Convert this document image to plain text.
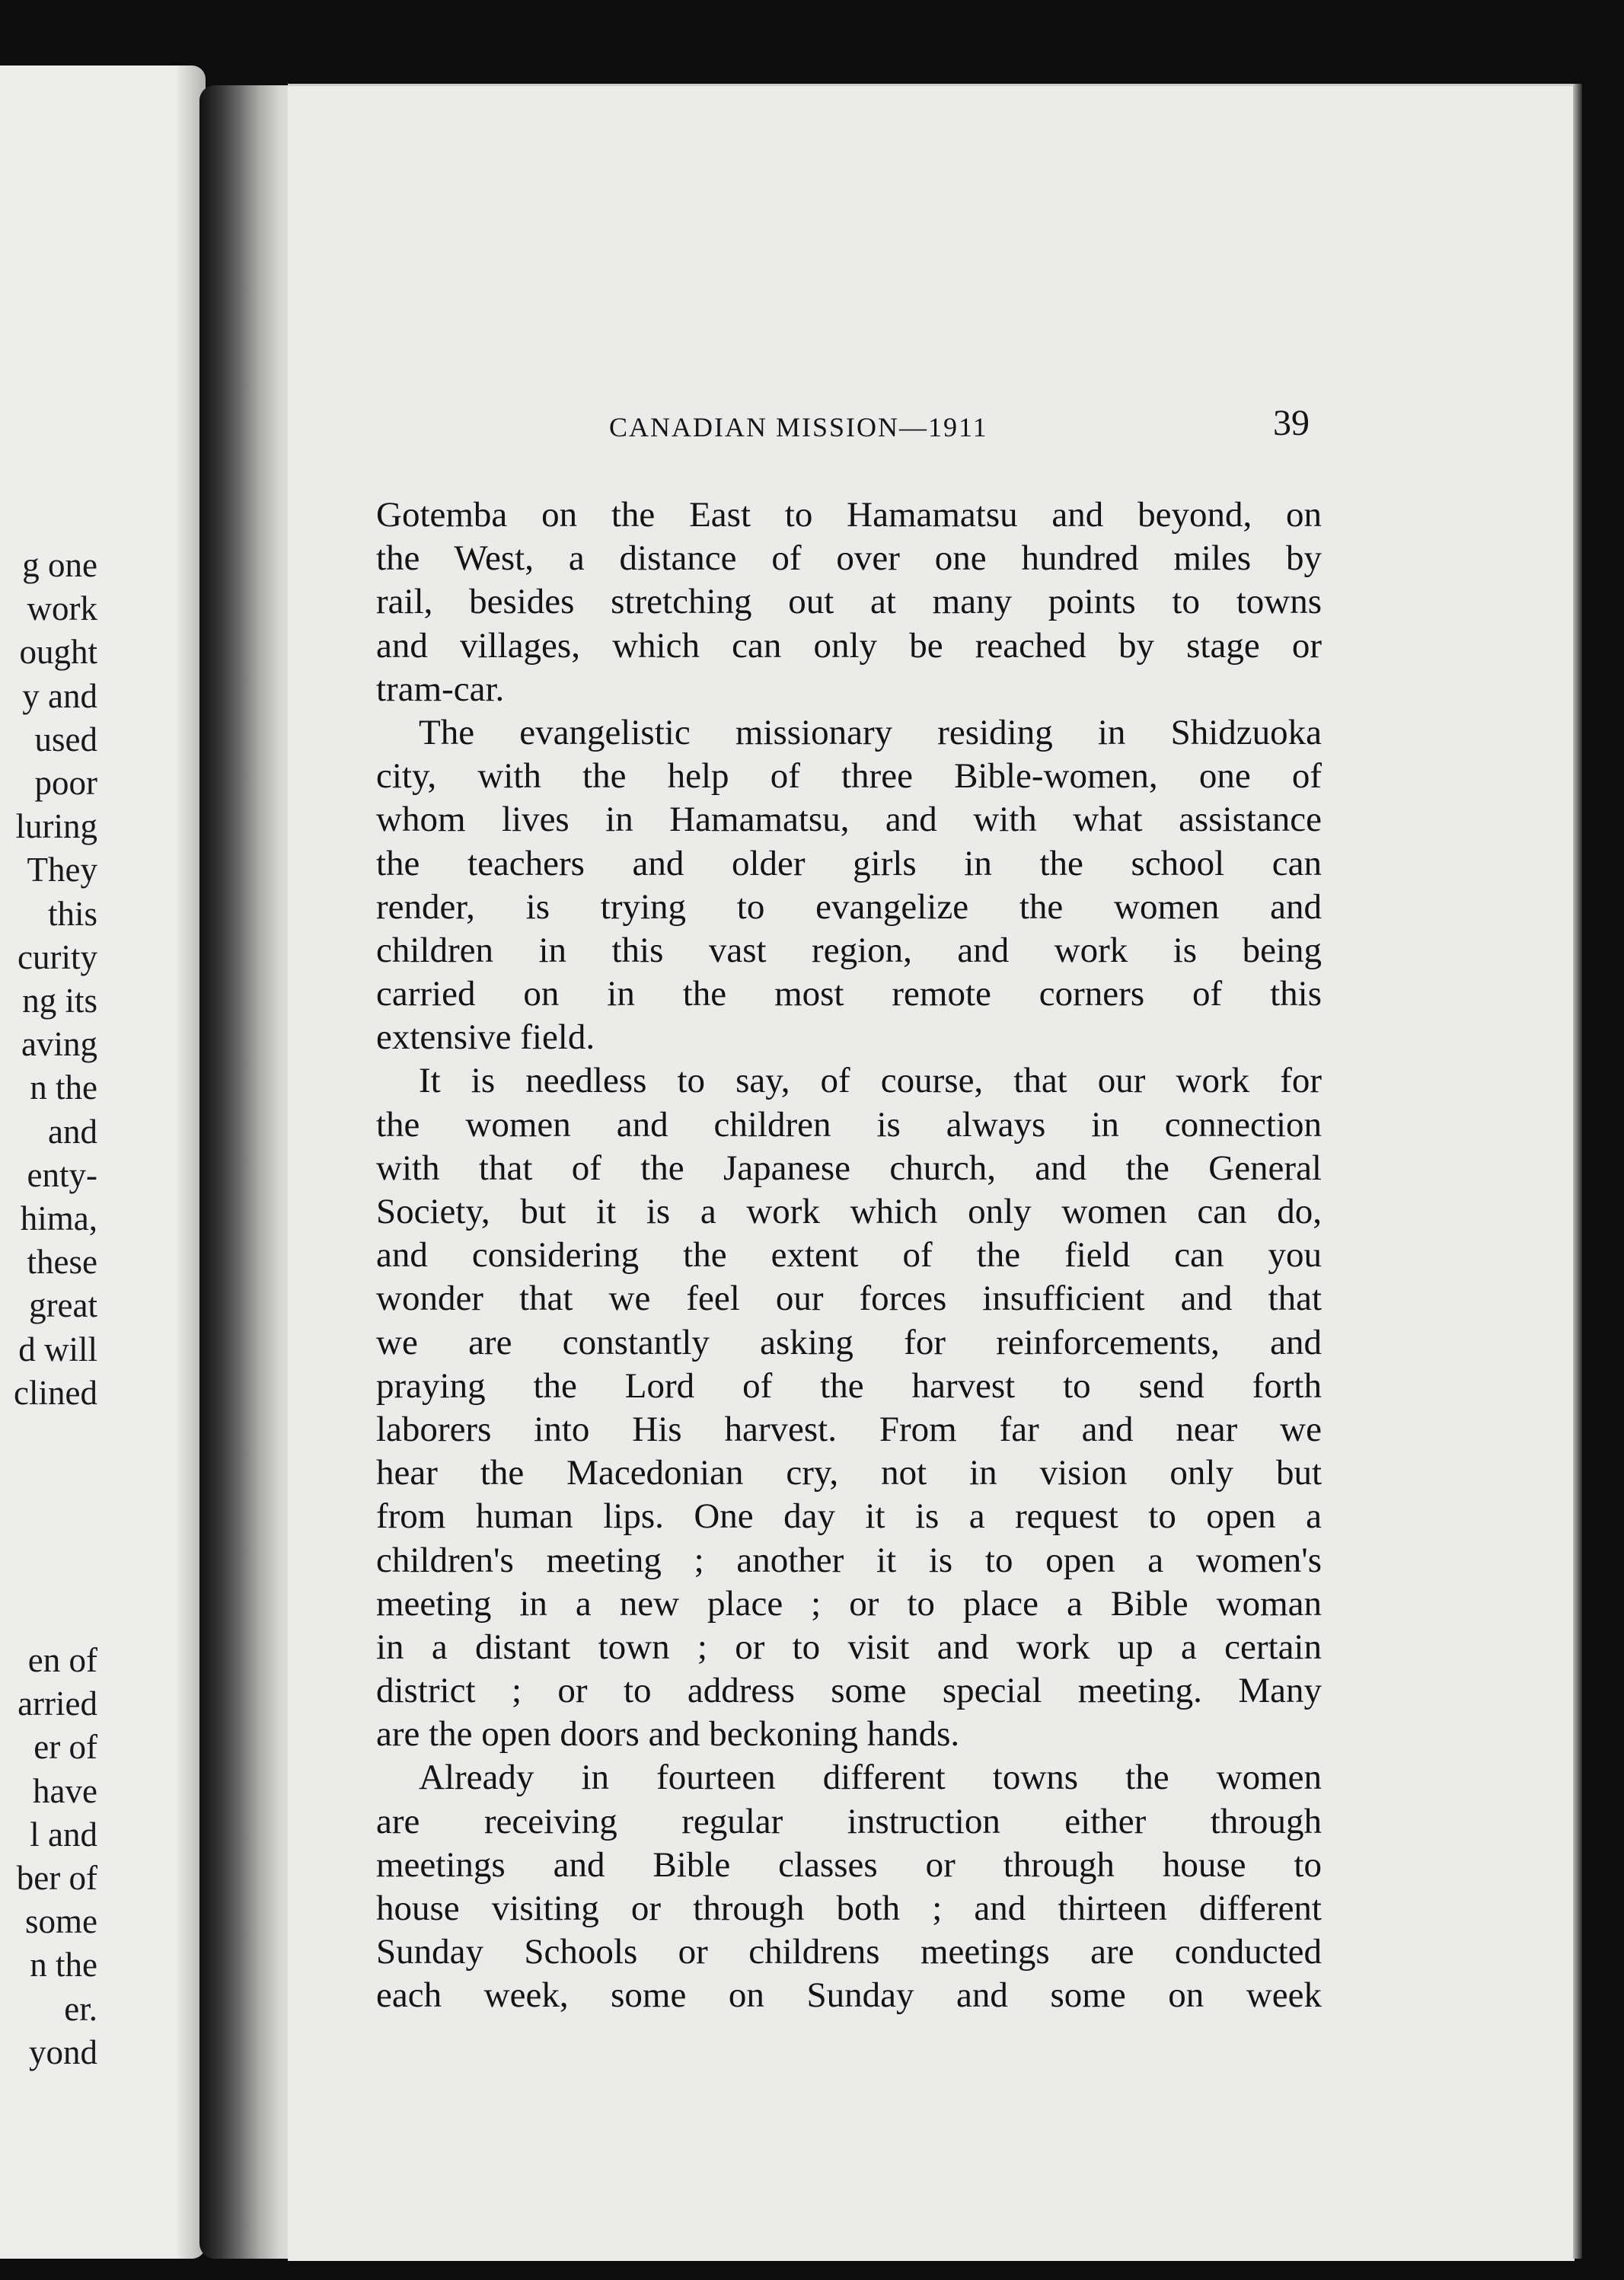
g one
work
ought
y and
used
poor
luring
They
this
curity
ng its
aving
n the
and
enty-
hima,
these
great
d will
clined
en of
arried
er of
have
l and
ber of
some
n the
er.
yond
CANADIAN MISSION—1911	39
Gotemba on the East to Hamamatsu and beyond, on
the West, a distance of over one hundred miles by
rail, besides stretching out at many points to towns
and villages, which can only be reached by stage or
tram-car.
The evangelistic missionary residing in Shidzuoka
city, with the help of three Bible-women, one of
whom lives in Hamamatsu, and with what assistance
the teachers and older girls in the school can
render, is trying to evangelize the women and
children in this vast region, and work is being
carried on in the most remote corners of this
extensive field.
It is needless to say, of course, that our work for
the women and children is always in connection
with that of the Japanese church, and the General
Society, but it is a work which only women can do,
and considering the extent of the field can you
wonder that we feel our forces insufficient and that
we are constantly asking for reinforcements, and
praying the Lord of the harvest to send forth
laborers into His harvest. From far and near we
hear the Macedonian cry, not in vision only but
from human lips. One day it is a request to open a
children's meeting ; another it is to open a women's
meeting in a new place ; or to place a Bible woman
in a distant town ; or to visit and work up a certain
district ; or to address some special meeting. Many
are the open doors and beckoning hands.
Already in fourteen different towns the women
are receiving regular instruction either through
meetings and Bible classes or through house to
house visiting or through both ; and thirteen different
Sunday Schools or childrens meetings are conducted
each week, some on Sunday and some on week
